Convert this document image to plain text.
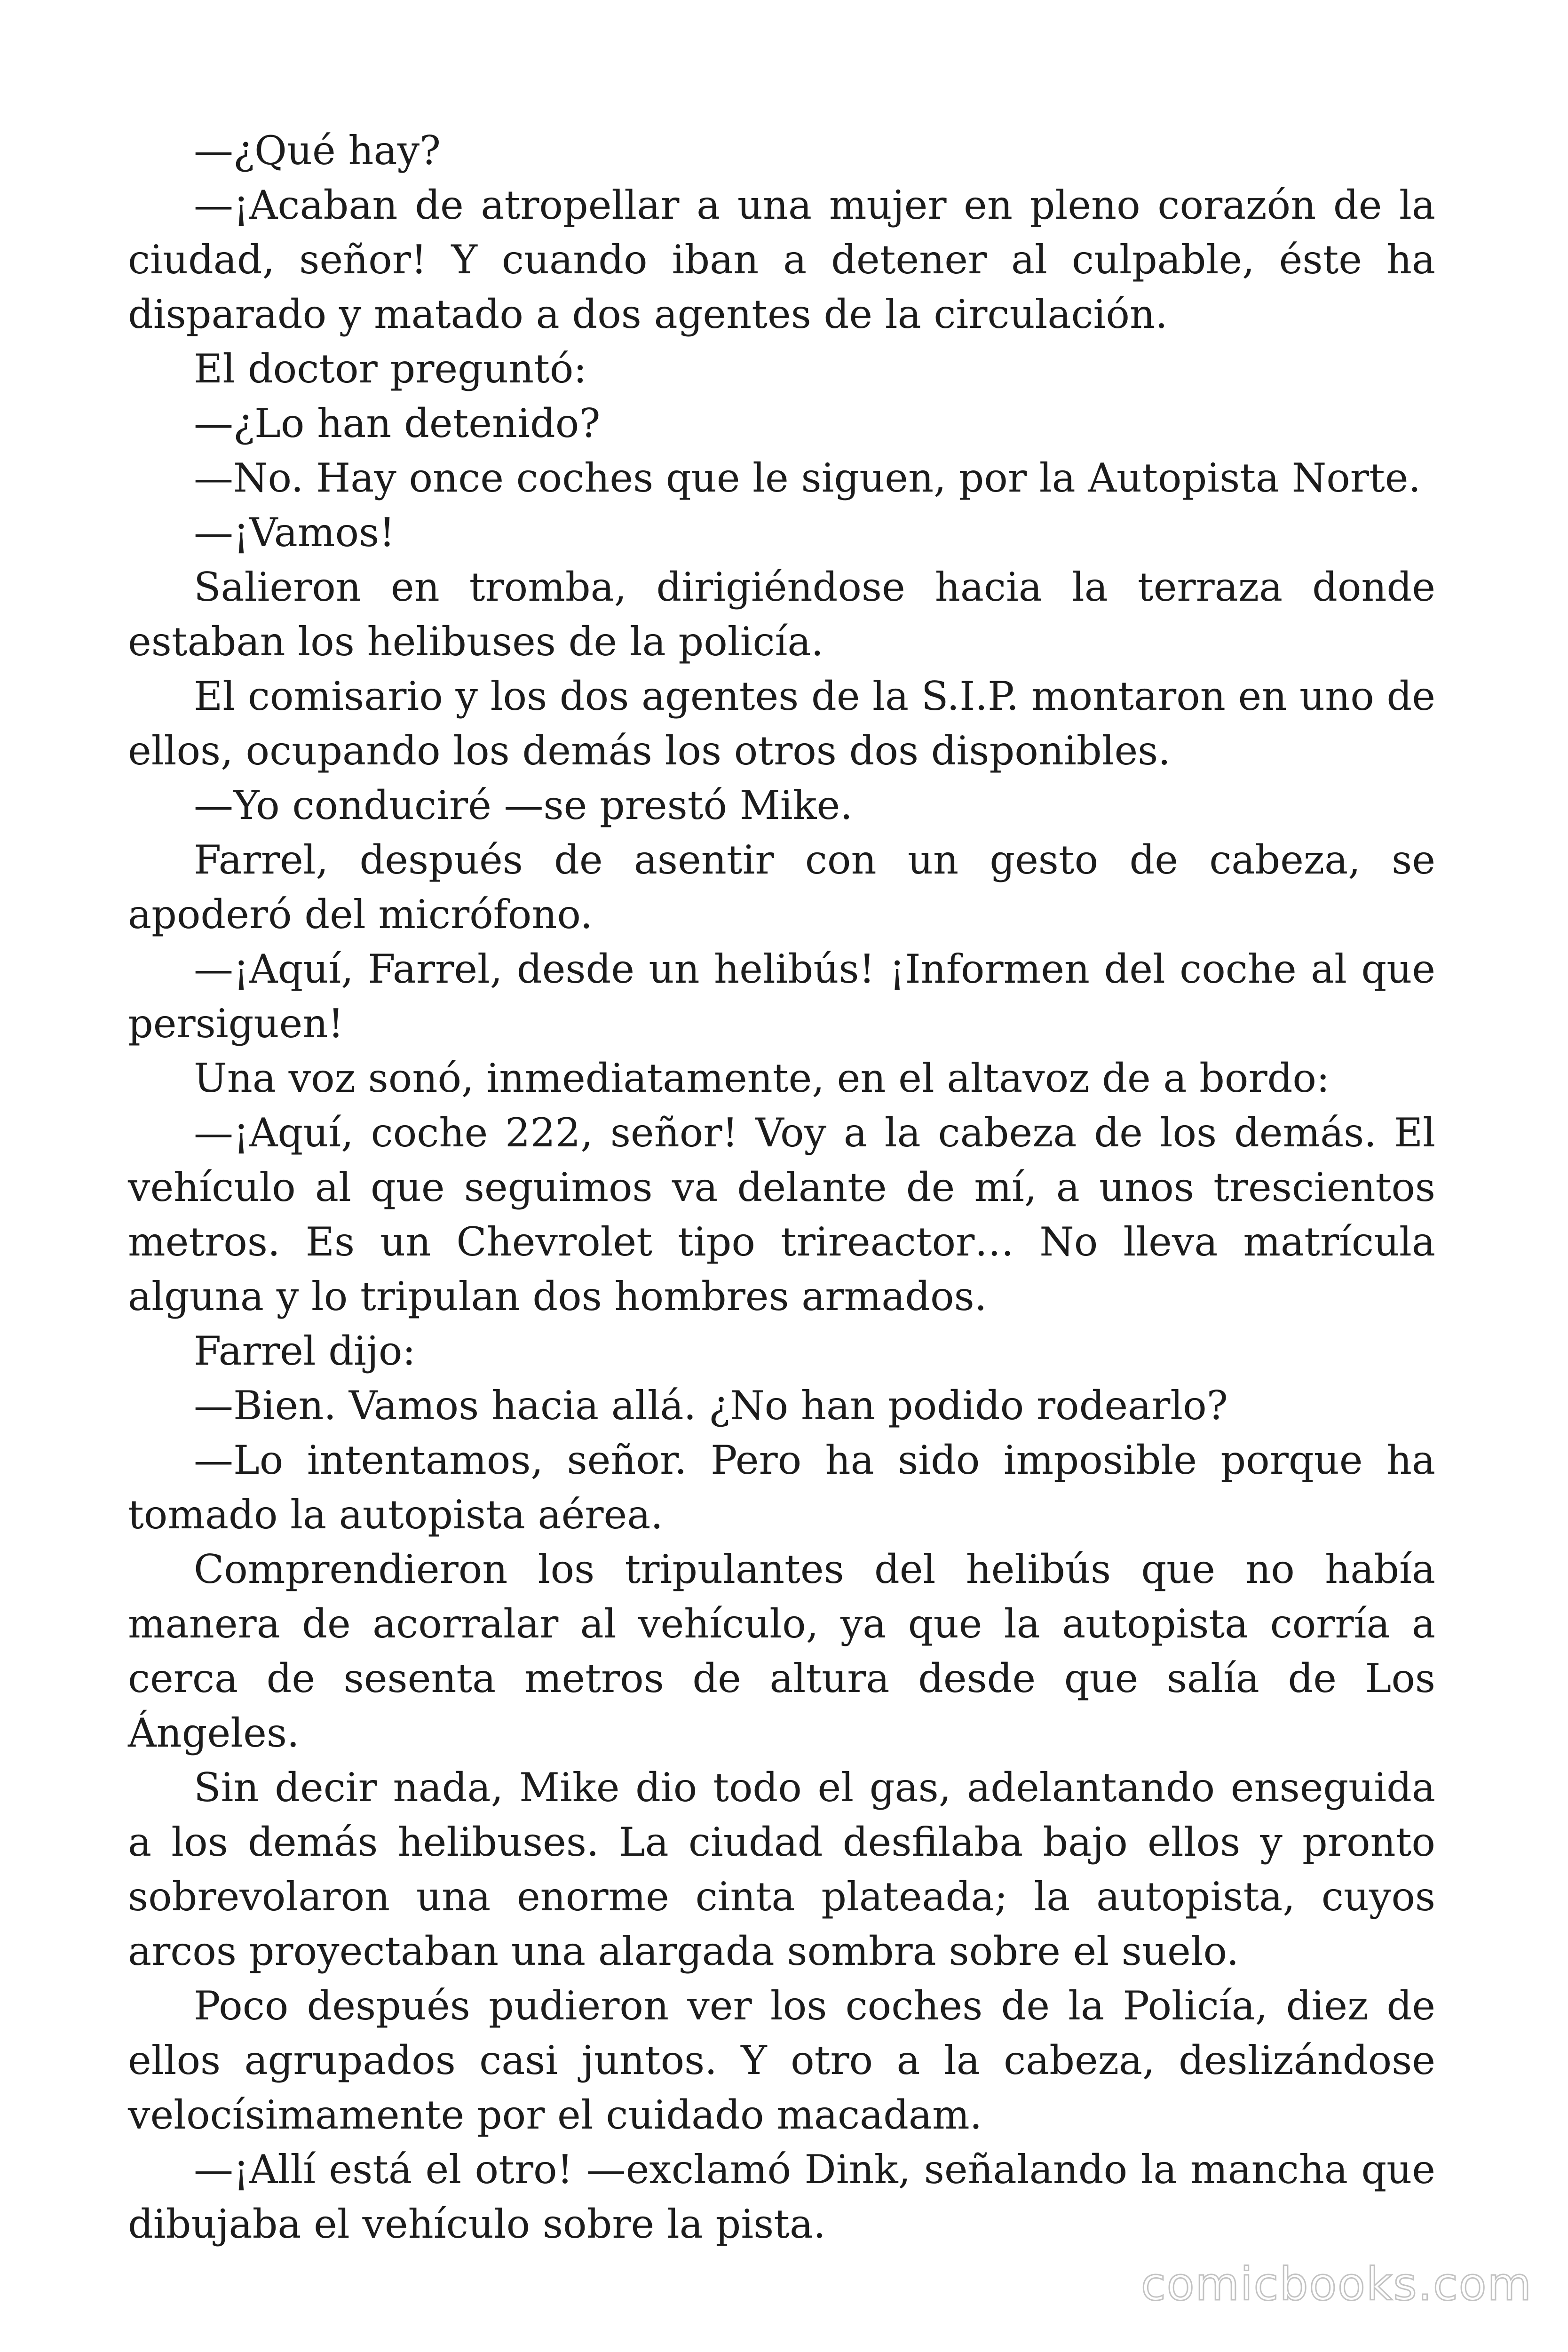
—¿Qué hay?

—¡Acaban de atropellar a una mujer en pleno corazón de la ciudad, señor! Y cuando iban a detener al culpable, éste ha disparado y matado a dos agentes de la circulación.

El doctor preguntó:

—¿Lo han detenido?

—No. Hay once coches que le siguen, por la Autopista Norte.

—¡Vamos!

Salieron en tromba, dirigiéndose hacia la terraza donde estaban los helibuses de la policía.

El comisario y los dos agentes de la S.I.P. montaron en uno de ellos, ocupando los demás los otros dos disponibles.

—Yo conduciré —se prestó Mike.

Farrel, después de asentir con un gesto de cabeza, se apoderó del micrófono.

—¡Aquí, Farrel, desde un helibús! ¡Informen del coche al que persiguen!

Una voz sonó, inmediatamente, en el altavoz de a bordo:

—¡Aquí, coche 222, señor! Voy a la cabeza de los demás. El vehículo al que seguimos va delante de mí, a unos trescientos metros. Es un Chevrolet tipo trireactor… No lleva matrícula alguna y lo tripulan dos hombres armados.

Farrel dijo:

—Bien. Vamos hacia allá. ¿No han podido rodearlo?

—Lo intentamos, señor. Pero ha sido imposible porque ha tomado la autopista aérea.

Comprendieron los tripulantes del helibús que no había manera de acorralar al vehículo, ya que la autopista corría a cerca de sesenta metros de altura desde que salía de Los Ángeles.

Sin decir nada, Mike dio todo el gas, adelantando enseguida a los demás helibuses. La ciudad desfilaba bajo ellos y pronto sobrevolaron una enorme cinta plateada; la autopista, cuyos arcos proyectaban una alargada sombra sobre el suelo.

Poco después pudieron ver los coches de la Policía, diez de ellos agrupados casi juntos. Y otro a la cabeza, deslizándose velocísimamente por el cuidado macadam.

—¡Allí está el otro! —exclamó Dink, señalando la mancha que dibujaba el vehículo sobre la pista.

comicbooks.com
